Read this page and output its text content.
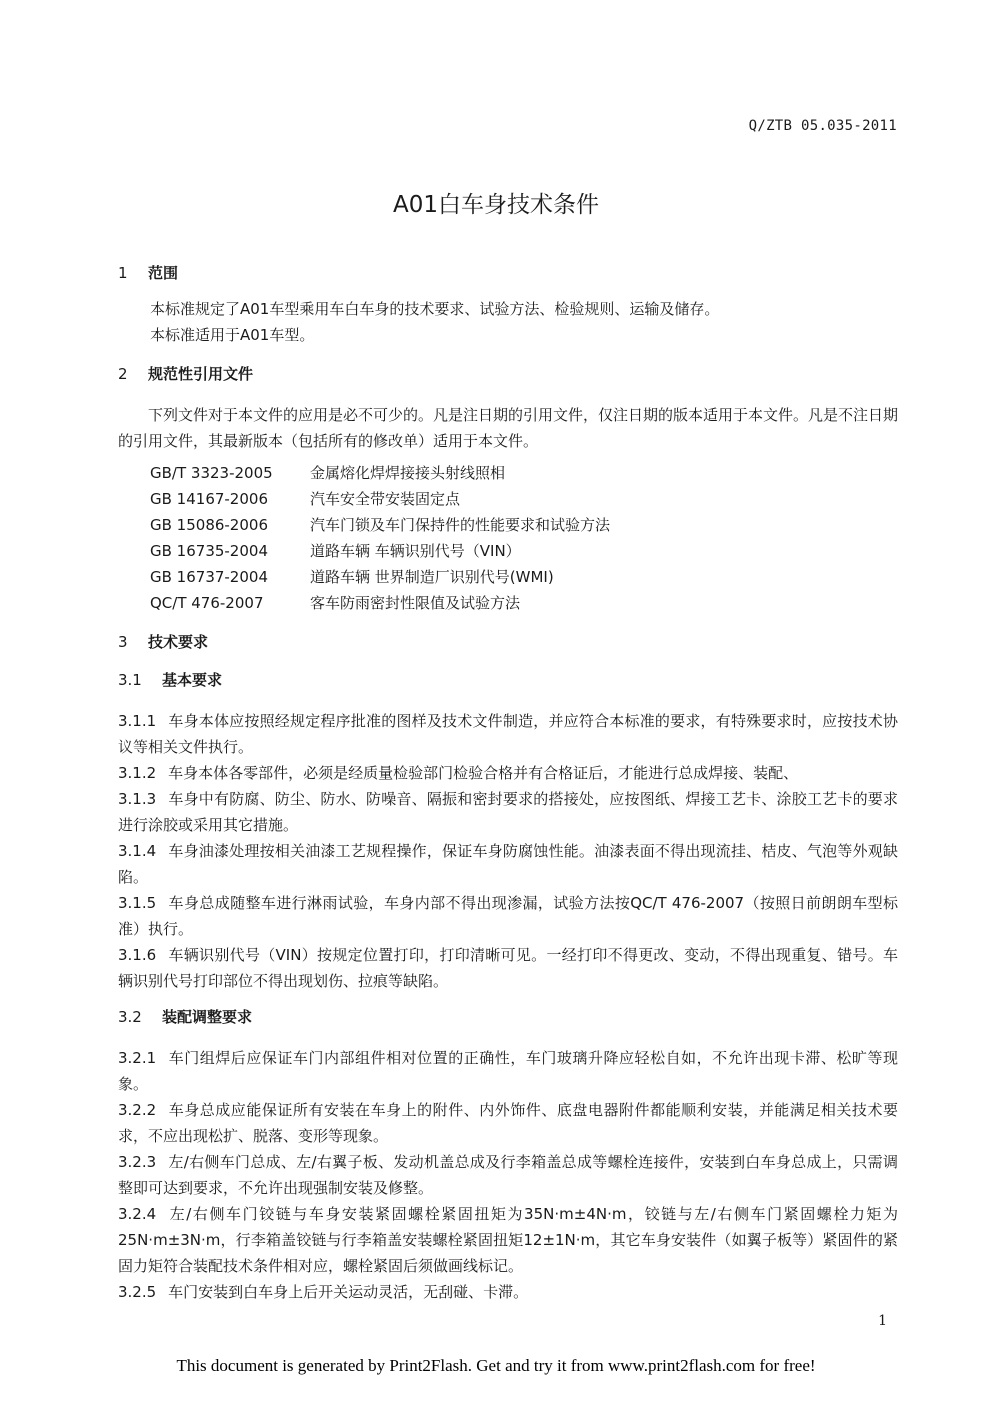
Q/ZTB 05.035-2011
A01白车身技术条件
1 范围
本标准规定了A01车型乘用车白车身的技术要求、试验方法、检验规则、运输及储存。
本标准适用于A01车型。
2 规范性引用文件
下列文件对于本文件的应用是必不可少的。凡是注日期的引用文件，仅注日期的版本适用于本文件。凡是不注日期的引用文件，其最新版本（包括所有的修改单）适用于本文件。
GB/T 3323-2005 金属熔化焊焊接接头射线照相
GB 14167-2006	汽车安全带安装固定点
GB 15086-2006	汽车门锁及车门保持件的性能要求和试验方法
GB 16735-2004	道路车辆 车辆识别代号（VIN）
GB 16737-2004	道路车辆 世界制造厂识别代号(WMI)
QC/T 476-2007	客车防雨密封性限值及试验方法
3 技术要求
3.1 基本要求
3.1.1 车身本体应按照经规定程序批准的图样及技术文件制造，并应符合本标准的要求，有特殊要求时，应按技术协议等相关文件执行。
3.1.2 车身本体各零部件，必须是经质量检验部门检验合格并有合格证后，才能进行总成焊接、装配、
3.1.3 车身中有防腐、防尘、防水、防噪音、隔振和密封要求的搭接处，应按图纸、焊接工艺卡、涂胶工艺卡的要求进行涂胶或采用其它措施。
3.1.4 车身油漆处理按相关油漆工艺规程操作，保证车身防腐蚀性能。油漆表面不得出现流挂、桔皮、气泡等外观缺陷。
3.1.5 车身总成随整车进行淋雨试验，车身内部不得出现渗漏，试验方法按QC/T 476-2007（按照日前朗朗车型标准）执行。
3.1.6 车辆识别代号（VIN）按规定位置打印，打印清晰可见。一经打印不得更改、变动，不得出现重复、错号。车辆识别代号打印部位不得出现划伤、拉痕等缺陷。
3.2 装配调整要求
3.2.1 车门组焊后应保证车门内部组件相对位置的正确性，车门玻璃升降应轻松自如，不允许出现卡滞、松旷等现象。
3.2.2 车身总成应能保证所有安装在车身上的附件、内外饰件、底盘电器附件都能顺利安装，并能满足相关技术要求，不应出现松扩、脱落、变形等现象。
3.2.3 左/右侧车门总成、左/右翼子板、发动机盖总成及行李箱盖总成等螺栓连接件，安装到白车身总成上，只需调整即可达到要求，不允许出现强制安装及修整。
3.2.4 左/右侧车门铰链与车身安装紧固螺栓紧固扭矩为35N·m±4N·m，铰链与左/右侧车门紧固螺栓力矩为25N·m±3N·m，行李箱盖铰链与行李箱盖安装螺栓紧固扭矩12±1N·m，其它车身安装件（如翼子板等）紧固件的紧固力矩符合装配技术条件相对应，螺栓紧固后须做画线标记。
3.2.5 车门安装到白车身上后开关运动灵活，无刮碰、卡滞。
1
This document is generated by Print2Flash. Get and try it from www.print2flash.com for free!
